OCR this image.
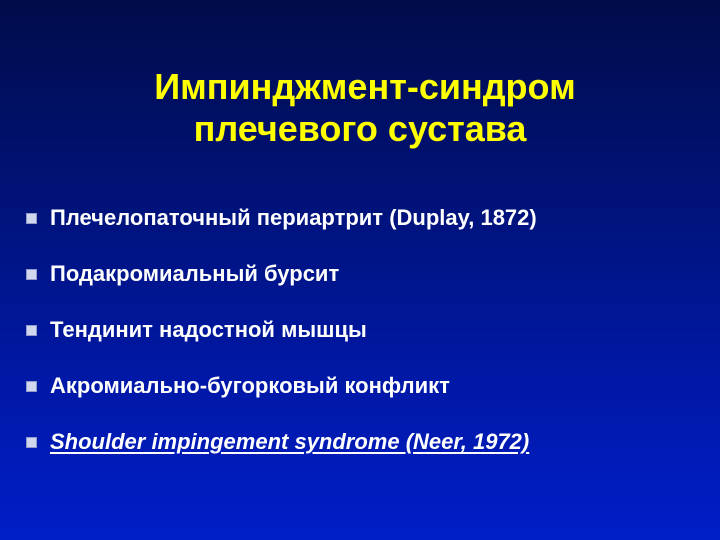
Импинджмент-синдром
плечевого сустава
Плечелопаточный периартрит (Duplay, 1872)
Подакромиальный бурсит
Тендинит надостной мышцы
Акромиально-бугорковый конфликт
Shoulder impingement syndrome (Neer, 1972)
